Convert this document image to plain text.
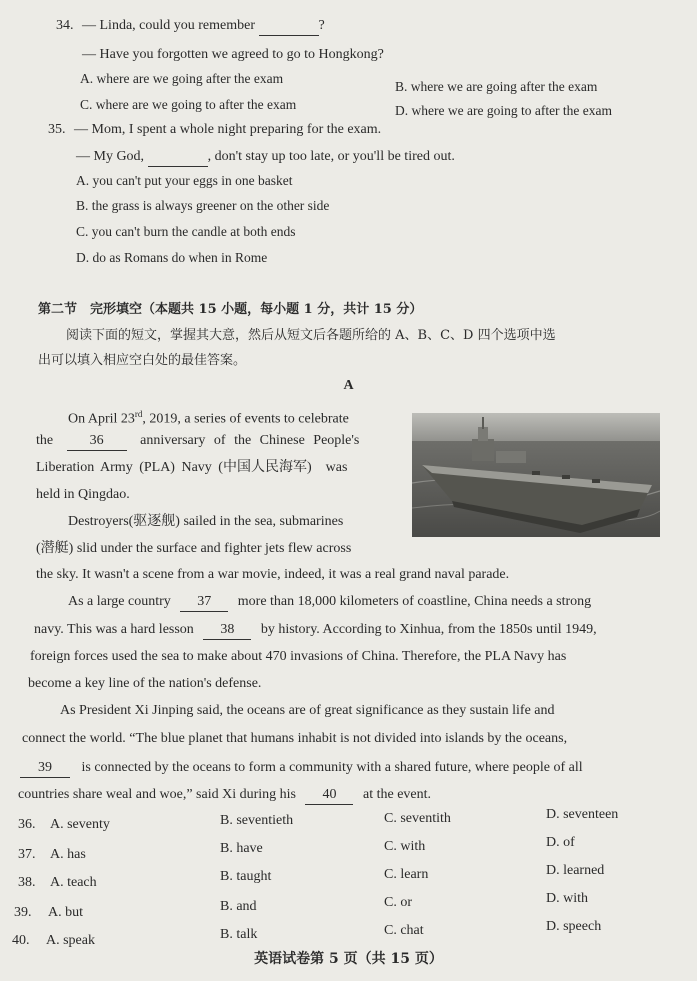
34. — Linda, could you remember	?
— Have you forgotten we agreed to go to Hongkong?
A. where are we going after the exam
B. where we are going after the exam
C. where are we going to after the exam	D. where we are going to after the exam
35. — Mom, I spent a whole night preparing for the exam.
— My God,	, don't stay up too late, or you'll be tired out.
A. you can't put your eggs in one basket
B. the grass is always greener on the other side
C. you can't burn the candle at both ends
D. do as Romans do when in Rome
第二节　完形填空（本题共 15 小题，每小题 1 分，共计 15 分）
阅读下面的短文，掌握其大意，然后从短文后各题所给的 A、B、C、D 四个选项中选
出可以填入相应空白处的最佳答案。
A
On April 23rd, 2019, a series of events to celebrate
the	36	anniversary of the Chinese People's
Liberation Army (PLA) Navy (中国人民海军)　was
held in Qingdao.
Destroyers(驱逐舰) sailed in the sea, submarines
(潜艇) slid under the surface and fighter jets flew across
the sky. It wasn't a scene from a war movie, indeed, it was a real grand naval parade.
As a large country 37 more than 18,000 kilometers of coastline, China needs a strong
navy. This was a hard lesson 38 by history. According to Xinhua, from the 1850s until 1949,
foreign forces used the sea to make about 470 invasions of China. Therefore, the PLA Navy has
become a key line of the nation's defense.
As President Xi Jinping said, the oceans are of great significance as they sustain life and
connect the world. “The blue planet that humans inhabit is not divided into islands by the oceans,
39 is connected by the oceans to form a community with a shared future, where people of all
countries share weal and woe,” said Xi during his 40 at the event.
36. A. seventy	B. seventieth	C. seventith	D. seventeen
37. A. has	B. have	C. with	D. of
38. A. teach	B. taught	C. learn	D. learned
39. A. but	B. and	C. or	D. with
40. A. speak	B. talk	C. chat	D. speech
英语试卷第 5 页（共 15 页）
